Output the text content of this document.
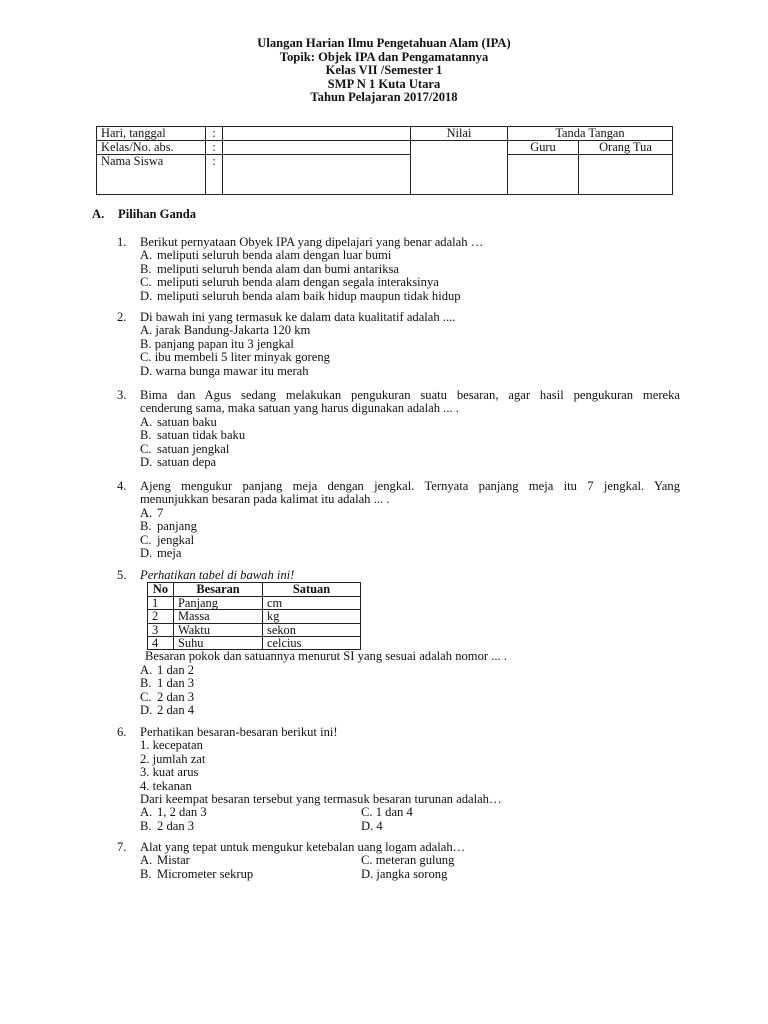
Ulangan Harian Ilmu Pengetahuan Alam (IPA)
Topik: Objek IPA dan Pengamatannya
Kelas VII /Semester 1
SMP N 1 Kuta Utara
Tahun Pelajaran 2017/2018
Hari, tanggal	:		Nilai	Tanda Tangan	
Kelas/No. abs.	:			Guru	Orang Tua
Nama Siswa	:				
A. Pilihan Ganda
1. Berikut pernyataan Obyek IPA yang dipelajari yang benar adalah …
A. meliputi seluruh benda alam dengan luar bumi
B. meliputi seluruh benda alam dan bumi antariksa
C. meliputi seluruh benda alam dengan segala interaksinya
D. meliputi seluruh benda alam baik hidup maupun tidak hidup
2. Di bawah ini yang termasuk ke dalam data kualitatif adalah ....
A. jarak Bandung-Jakarta 120 km
B. panjang papan itu 3 jengkal
C. ibu membeli 5 liter minyak goreng
D. warna bunga mawar itu merah
3. Bima dan Agus sedang melakukan pengukuran suatu besaran, agar hasil pengukuran mereka
cenderung sama, maka satuan yang harus digunakan adalah ... .
A. satuan baku
B. satuan tidak baku
C. satuan jengkal
D. satuan depa
4. Ajeng mengukur panjang meja dengan jengkal. Ternyata panjang meja itu 7 jengkal. Yang
menunjukkan besaran pada kalimat itu adalah ... .
A. 7
B. panjang
C. jengkal
D. meja
5. Perhatikan tabel di bawah ini!
No	Besaran	Satuan
1	Panjang	cm
2	Massa	kg
3	Waktu	sekon
4	Suhu	celcius
Besaran pokok dan satuannya menurut SI yang sesuai adalah nomor ... .
A. 1 dan 2
B. 1 dan 3
C. 2 dan 3
D. 2 dan 4
6. Perhatikan besaran-besaran berikut ini!
1. kecepatan
2. jumlah zat
3. kuat arus
4. tekanan
Dari keempat besaran tersebut yang termasuk besaran turunan adalah…
A. 1, 2 dan 3	C. 1 dan 4
B. 2 dan 3	D. 4
7. Alat yang tepat untuk mengukur ketebalan uang logam adalah…
A. Mistar	C. meteran gulung
B. Micrometer sekrup	D. jangka sorong
